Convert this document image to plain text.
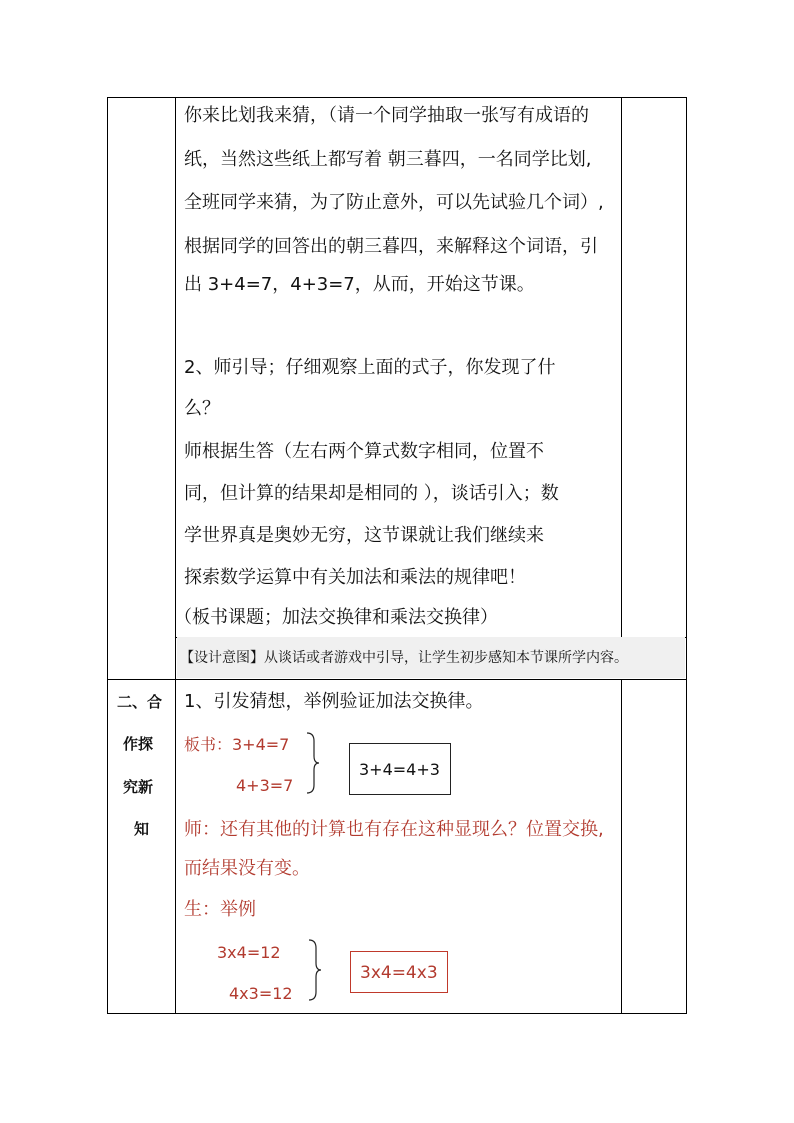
你来比划我来猜，（请一个同学抽取一张写有成语的
纸，当然这些纸上都写着 朝三暮四，一名同学比划,
全班同学来猜，为了防止意外，可以先试验几个词）,
根据同学的回答出的朝三暮四，来解释这个词语，引
出 3+4=7，4+3=7，从而，开始这节课。
2、师引导；仔细观察上面的式子，你发现了什
么？
师根据生答（左右两个算式数字相同，位置不
同，但计算的结果却是相同的 ），谈话引入；数
学世界真是奥妙无穷，这节课就让我们继续来
探索数学运算中有关加法和乘法的规律吧！
（板书课题；加法交换律和乘法交换律）
【设计意图】从谈话或者游戏中引导，让学生初步感知本节课所学内容。
二、合
作探
究新
知
1、引发猜想，举例验证加法交换律。
板书：3+4=7
4+3=7
3+4=4+3
师：还有其他的计算也有存在这种显现么？位置交换,
而结果没有变。
生：举例
3x4=12
4x3=12
3x4=4x3
